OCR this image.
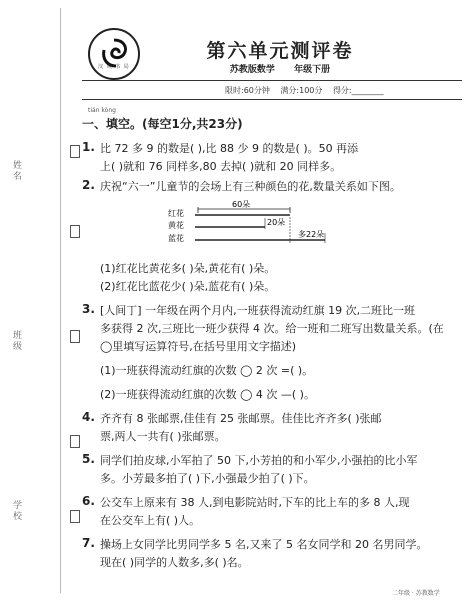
姓名
班级
学校
汉 风 书 局
第六单元测评卷
苏教版数学 年级下册
限时:60分钟 满分:100分 得分:________
tián kòng
一、填空。(每空1分,共23分)
1. 比 72 多 9 的数是( ),比 88 少 9 的数是( )。50 再添
上( )就和 76 同样多,80 去掉( )就和 20 同样多。
2. 庆祝“六一”儿童节的会场上有三种颜色的花,数量关系如下图。
60朵
红花
黄花	20朵
蓝花	多22朵
(1)红花比黄花多( )朵,黄花有( )朵。
(2)红花比蓝花少( )朵,蓝花有( )朵。
3. [人间丁] 一年级在两个月内,一班获得流动红旗 19 次,二班比一班
多获得 2 次,三班比一班少获得 4 次。给一班和二班写出数量关系。(在
◯里填写运算符号,在括号里用文字描述)
(1)一班获得流动红旗的次数 ◯ 2 次 =( )。
(2)一班获得流动红旗的次数 ◯ 4 次 —( )。
4. 齐齐有 8 张邮票,佳佳有 25 张邮票。佳佳比齐齐多( )张邮
票,两人一共有( )张邮票。
5. 同学们拍皮球,小军拍了 50 下,小芳拍的和小军少,小强拍的比小军
多。小芳最多拍了( )下,小强最少拍了( )下。
6. 公交车上原来有 38 人,到电影院站时,下车的比上车的多 8 人,现
在公交车上有( )人。
7. 操场上女同学比男同学多 5 名,又来了 5 名女同学和 20 名男同学。
现在( )同学的人数多,多( )名。
二年级 · 苏教数学
